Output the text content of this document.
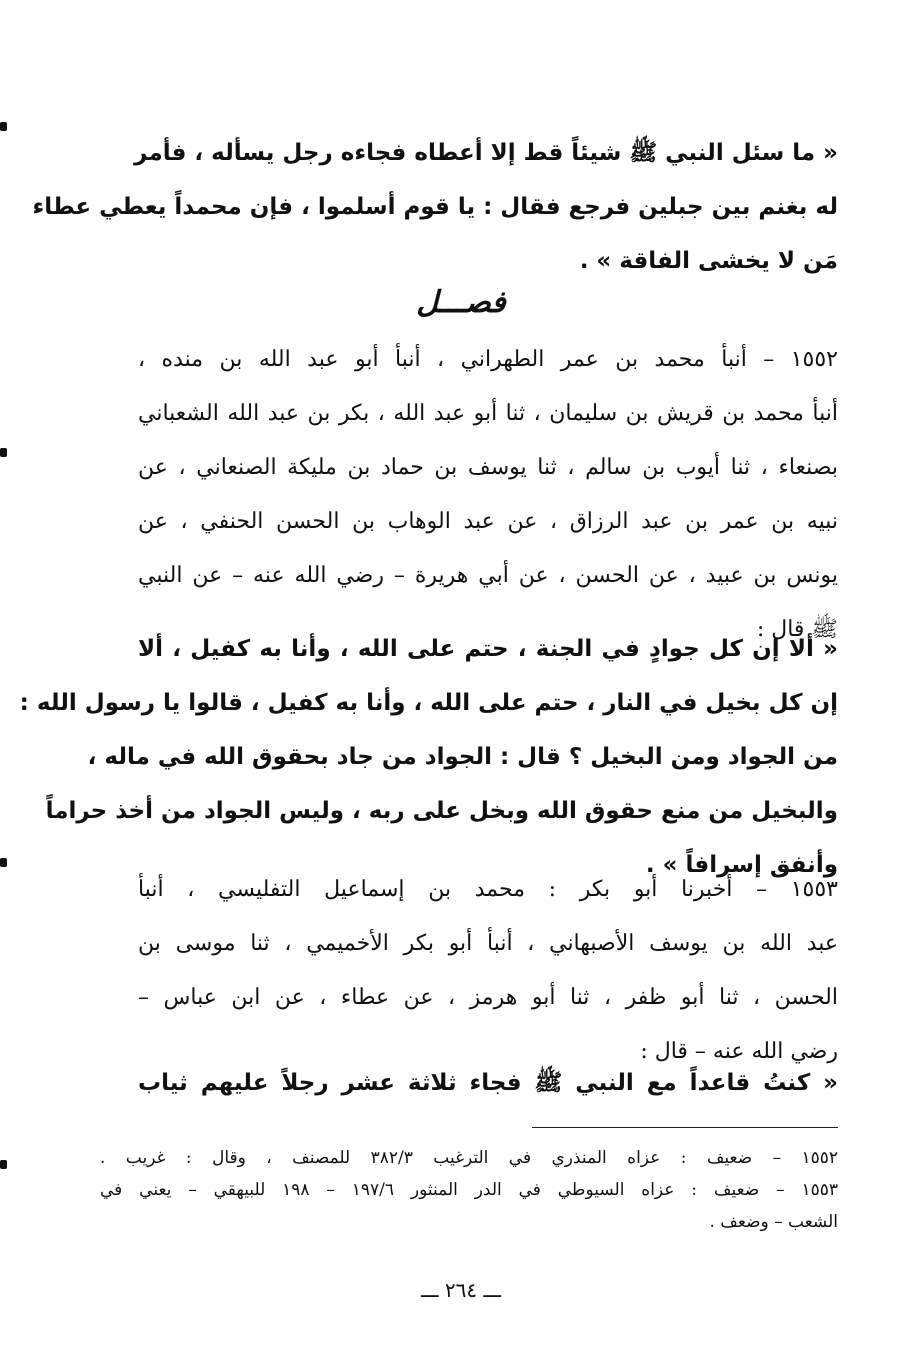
« ما سئل النبي ﷺ شيئاً قط إلا أعطاه فجاءه رجل يسأله ، فأمر
له بغنم بين جبلين فرجع فقال : يا قوم أسلموا ، فإن محمداً يعطي عطاء
مَن لا يخشى الفاقة » .
فصـــل
١٥٥٢ – أنبأ محمد بن عمر الطهراني ، أنبأ أبو عبد الله بن منده ،
أنبأ محمد بن قريش بن سليمان ، ثنا أبو عبد الله ، بكر بن عبد الله الشعباني
بصنعاء ، ثنا أيوب بن سالم ، ثنا يوسف بن حماد بن مليكة الصنعاني ، عن
نبيه بن عمر بن عبد الرزاق ، عن عبد الوهاب بن الحسن الحنفي ، عن
يونس بن عبيد ، عن الحسن ، عن أبي هريرة – رضي الله عنه – عن النبي
ﷺ قال :
« ألا إن كل جوادٍ في الجنة ، حتم على الله ، وأنا به كفيل ، ألا
إن كل بخيل في النار ، حتم على الله ، وأنا به كفيل ، قالوا يا رسول الله :
من الجواد ومن البخيل ؟ قال : الجواد من جاد بحقوق الله في ماله ،
والبخيل من منع حقوق الله وبخل على ربه ، وليس الجواد من أخذ حراماً
وأنفق إسرافاً » .
١٥٥٣ – أخبرنا أبو بكر : محمد بن إسماعيل التفليسي ، أنبأ
عبد الله بن يوسف الأصبهاني ، أنبأ أبو بكر الأخميمي ، ثنا موسى بن
الحسن ، ثنا أبو ظفر ، ثنا أبو هرمز ، عن عطاء ، عن ابن عباس –
رضي الله عنه – قال :
« كنتُ قاعداً مع النبي ﷺ فجاء ثلاثة عشر رجلاً عليهم ثياب
١٥٥٢ – ضعيف : عزاه المنذري في الترغيب ٣٨٢/٣ للمصنف ، وقال : غريب .
١٥٥٣ – ضعيف : عزاه السيوطي في الدر المنثور ١٩٧/٦ – ١٩٨ للبيهقي – يعني في
الشعب – وضعف .
ـــ ٢٦٤ ـــ
